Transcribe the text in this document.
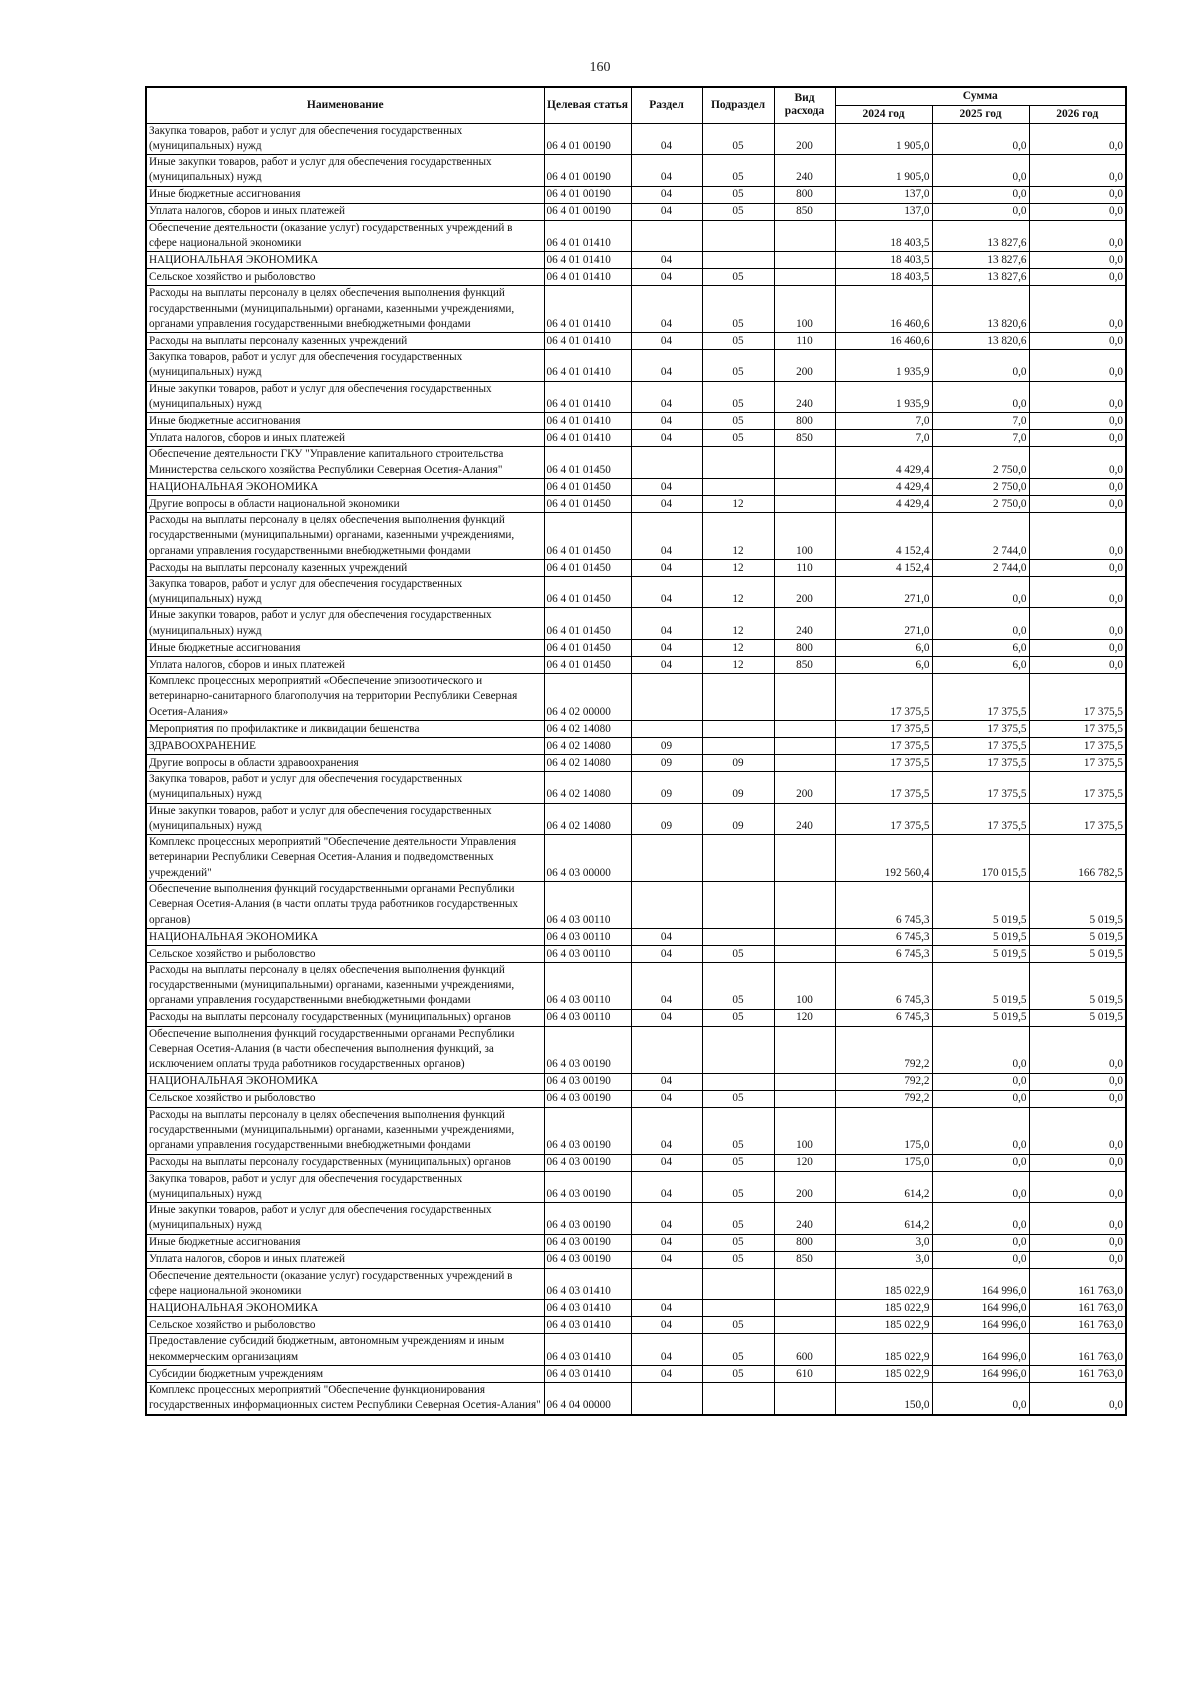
160
Наименование	Целевая статья	Раздел	Подраздел	Вид расхода	Сумма		
					2024 год	2025 год	2026 год
Закупка товаров, работ и услуг для обеспечения государственных (муниципальных) нужд	06 4 01 00190	04	05	200	1 905,0	0,0	0,0
Иные закупки товаров, работ и услуг для обеспечения государственных (муниципальных) нужд	06 4 01 00190	04	05	240	1 905,0	0,0	0,0
Иные бюджетные ассигнования	06 4 01 00190	04	05	800	137,0	0,0	0,0
Уплата налогов, сборов и иных платежей	06 4 01 00190	04	05	850	137,0	0,0	0,0
Обеспечение деятельности (оказание услуг) государственных учреждений в сфере национальной экономики	06 4 01 01410				18 403,5	13 827,6	0,0
НАЦИОНАЛЬНАЯ ЭКОНОМИКА	06 4 01 01410	04			18 403,5	13 827,6	0,0
Сельское хозяйство и рыболовство	06 4 01 01410	04	05		18 403,5	13 827,6	0,0
Расходы на выплаты персоналу в целях обеспечения выполнения функций государственными (муниципальными) органами, казенными учреждениями, органами управления государственными внебюджетными фондами	06 4 01 01410	04	05	100	16 460,6	13 820,6	0,0
Расходы на выплаты персоналу казенных учреждений	06 4 01 01410	04	05	110	16 460,6	13 820,6	0,0
Закупка товаров, работ и услуг для обеспечения государственных (муниципальных) нужд	06 4 01 01410	04	05	200	1 935,9	0,0	0,0
Иные закупки товаров, работ и услуг для обеспечения государственных (муниципальных) нужд	06 4 01 01410	04	05	240	1 935,9	0,0	0,0
Иные бюджетные ассигнования	06 4 01 01410	04	05	800	7,0	7,0	0,0
Уплата налогов, сборов и иных платежей	06 4 01 01410	04	05	850	7,0	7,0	0,0
Обеспечение деятельности ГКУ "Управление капитального строительства Министерства сельского хозяйства Республики Северная Осетия-Алания"	06 4 01 01450				4 429,4	2 750,0	0,0
НАЦИОНАЛЬНАЯ ЭКОНОМИКА	06 4 01 01450	04			4 429,4	2 750,0	0,0
Другие вопросы в области национальной экономики	06 4 01 01450	04	12		4 429,4	2 750,0	0,0
Расходы на выплаты персоналу в целях обеспечения выполнения функций государственными (муниципальными) органами, казенными учреждениями, органами управления государственными внебюджетными фондами	06 4 01 01450	04	12	100	4 152,4	2 744,0	0,0
Расходы на выплаты персоналу казенных учреждений	06 4 01 01450	04	12	110	4 152,4	2 744,0	0,0
Закупка товаров, работ и услуг для обеспечения государственных (муниципальных) нужд	06 4 01 01450	04	12	200	271,0	0,0	0,0
Иные закупки товаров, работ и услуг для обеспечения государственных (муниципальных) нужд	06 4 01 01450	04	12	240	271,0	0,0	0,0
Иные бюджетные ассигнования	06 4 01 01450	04	12	800	6,0	6,0	0,0
Уплата налогов, сборов и иных платежей	06 4 01 01450	04	12	850	6,0	6,0	0,0
Комплекс процессных мероприятий «Обеспечение эпизоотического и ветеринарно-санитарного благополучия на территории Республики Северная Осетия-Алания»	06 4 02 00000				17 375,5	17 375,5	17 375,5
Мероприятия по профилактике и ликвидации бешенства	06 4 02 14080				17 375,5	17 375,5	17 375,5
ЗДРАВООХРАНЕНИЕ	06 4 02 14080	09			17 375,5	17 375,5	17 375,5
Другие вопросы в области здравоохранения	06 4 02 14080	09	09		17 375,5	17 375,5	17 375,5
Закупка товаров, работ и услуг для обеспечения государственных (муниципальных) нужд	06 4 02 14080	09	09	200	17 375,5	17 375,5	17 375,5
Иные закупки товаров, работ и услуг для обеспечения государственных (муниципальных) нужд	06 4 02 14080	09	09	240	17 375,5	17 375,5	17 375,5
Комплекс процессных мероприятий "Обеспечение деятельности Управления ветеринарии Республики Северная Осетия-Алания и подведомственных учреждений"	06 4 03 00000				192 560,4	170 015,5	166 782,5
Обеспечение выполнения функций государственными органами Республики Северная Осетия-Алания (в части оплаты труда работников государственных органов)	06 4 03 00110				6 745,3	5 019,5	5 019,5
НАЦИОНАЛЬНАЯ ЭКОНОМИКА	06 4 03 00110	04			6 745,3	5 019,5	5 019,5
Сельское хозяйство и рыболовство	06 4 03 00110	04	05		6 745,3	5 019,5	5 019,5
Расходы на выплаты персоналу в целях обеспечения выполнения функций государственными (муниципальными) органами, казенными учреждениями, органами управления государственными внебюджетными фондами	06 4 03 00110	04	05	100	6 745,3	5 019,5	5 019,5
Расходы на выплаты персоналу государственных (муниципальных) органов	06 4 03 00110	04	05	120	6 745,3	5 019,5	5 019,5
Обеспечение выполнения функций государственными органами Республики Северная Осетия-Алания (в части обеспечения выполнения функций, за исключением оплаты труда работников государственных органов)	06 4 03 00190				792,2	0,0	0,0
НАЦИОНАЛЬНАЯ ЭКОНОМИКА	06 4 03 00190	04			792,2	0,0	0,0
Сельское хозяйство и рыболовство	06 4 03 00190	04	05		792,2	0,0	0,0
Расходы на выплаты персоналу в целях обеспечения выполнения функций государственными (муниципальными) органами, казенными учреждениями, органами управления государственными внебюджетными фондами	06 4 03 00190	04	05	100	175,0	0,0	0,0
Расходы на выплаты персоналу государственных (муниципальных) органов	06 4 03 00190	04	05	120	175,0	0,0	0,0
Закупка товаров, работ и услуг для обеспечения государственных (муниципальных) нужд	06 4 03 00190	04	05	200	614,2	0,0	0,0
Иные закупки товаров, работ и услуг для обеспечения государственных (муниципальных) нужд	06 4 03 00190	04	05	240	614,2	0,0	0,0
Иные бюджетные ассигнования	06 4 03 00190	04	05	800	3,0	0,0	0,0
Уплата налогов, сборов и иных платежей	06 4 03 00190	04	05	850	3,0	0,0	0,0
Обеспечение деятельности (оказание услуг) государственных учреждений в сфере национальной экономики	06 4 03 01410				185 022,9	164 996,0	161 763,0
НАЦИОНАЛЬНАЯ ЭКОНОМИКА	06 4 03 01410	04			185 022,9	164 996,0	161 763,0
Сельское хозяйство и рыболовство	06 4 03 01410	04	05		185 022,9	164 996,0	161 763,0
Предоставление субсидий бюджетным, автономным учреждениям и иным некоммерческим организациям	06 4 03 01410	04	05	600	185 022,9	164 996,0	161 763,0
Субсидии бюджетным учреждениям	06 4 03 01410	04	05	610	185 022,9	164 996,0	161 763,0
Комплекс процессных мероприятий "Обеспечение функционирования государственных информационных систем Республики Северная Осетия-Алания"	06 4 04 00000				150,0	0,0	0,0
